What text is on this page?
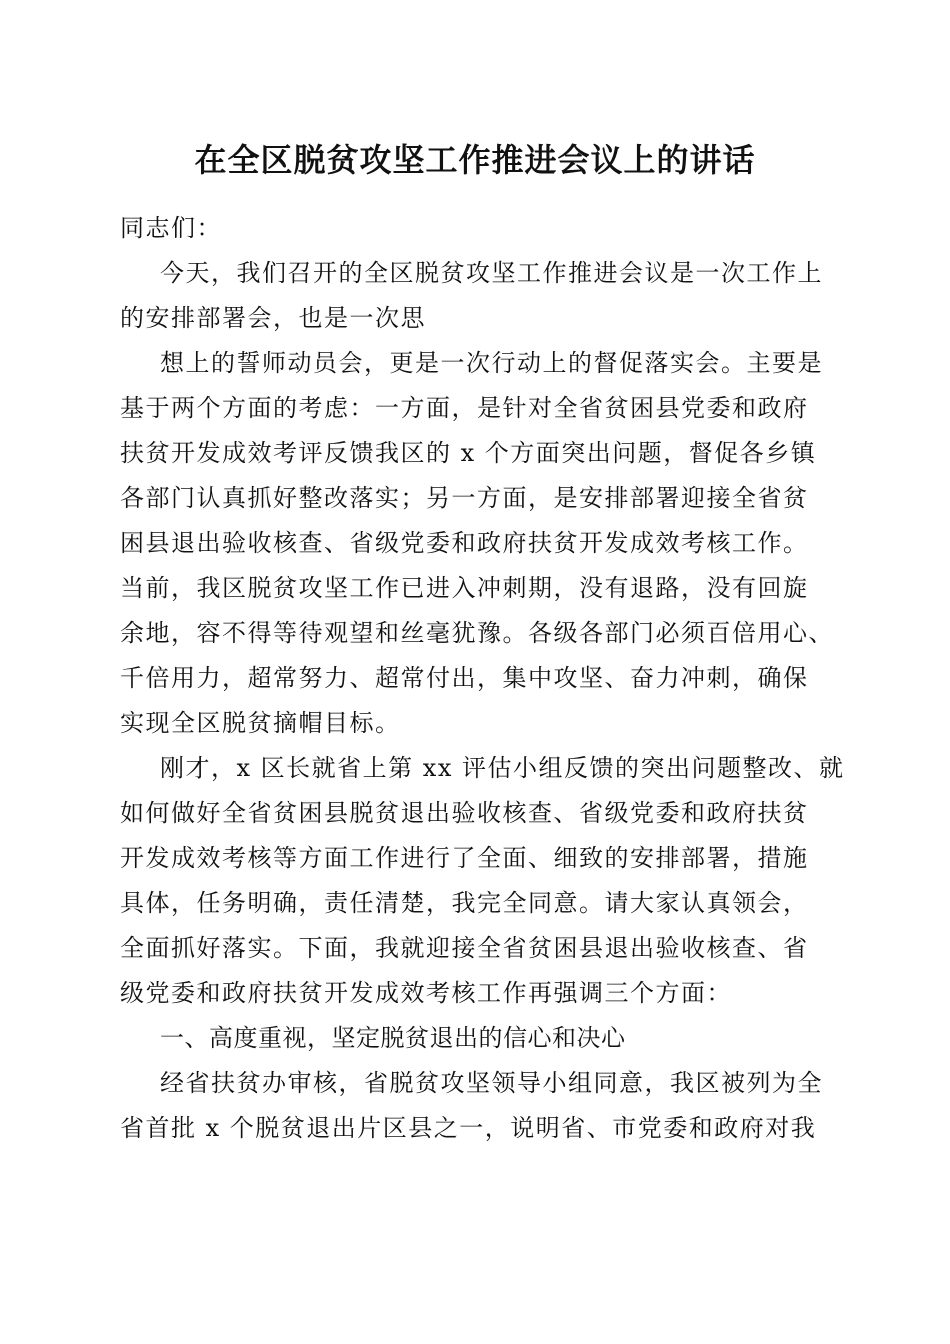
在全区脱贫攻坚工作推进会议上的讲话
同志们：
今天，我们召开的全区脱贫攻坚工作推进会议是一次工作上
的安排部署会，也是一次思
想上的誓师动员会，更是一次行动上的督促落实会。主要是
基于两个方面的考虑：一方面，是针对全省贫困县党委和政府
扶贫开发成效考评反馈我区的 x 个方面突出问题，督促各乡镇
各部门认真抓好整改落实；另一方面，是安排部署迎接全省贫
困县退出验收核查、省级党委和政府扶贫开发成效考核工作。
当前，我区脱贫攻坚工作已进入冲刺期，没有退路，没有回旋
余地，容不得等待观望和丝毫犹豫。各级各部门必须百倍用心、
千倍用力，超常努力、超常付出，集中攻坚、奋力冲刺，确保
实现全区脱贫摘帽目标。
刚才，x 区长就省上第 xx 评估小组反馈的突出问题整改、就
如何做好全省贫困县脱贫退出验收核查、省级党委和政府扶贫
开发成效考核等方面工作进行了全面、细致的安排部署，措施
具体，任务明确，责任清楚，我完全同意。请大家认真领会，
全面抓好落实。下面，我就迎接全省贫困县退出验收核查、省
级党委和政府扶贫开发成效考核工作再强调三个方面：
一、高度重视，坚定脱贫退出的信心和决心
经省扶贫办审核，省脱贫攻坚领导小组同意，我区被列为全
省首批 x 个脱贫退出片区县之一，说明省、市党委和政府对我
